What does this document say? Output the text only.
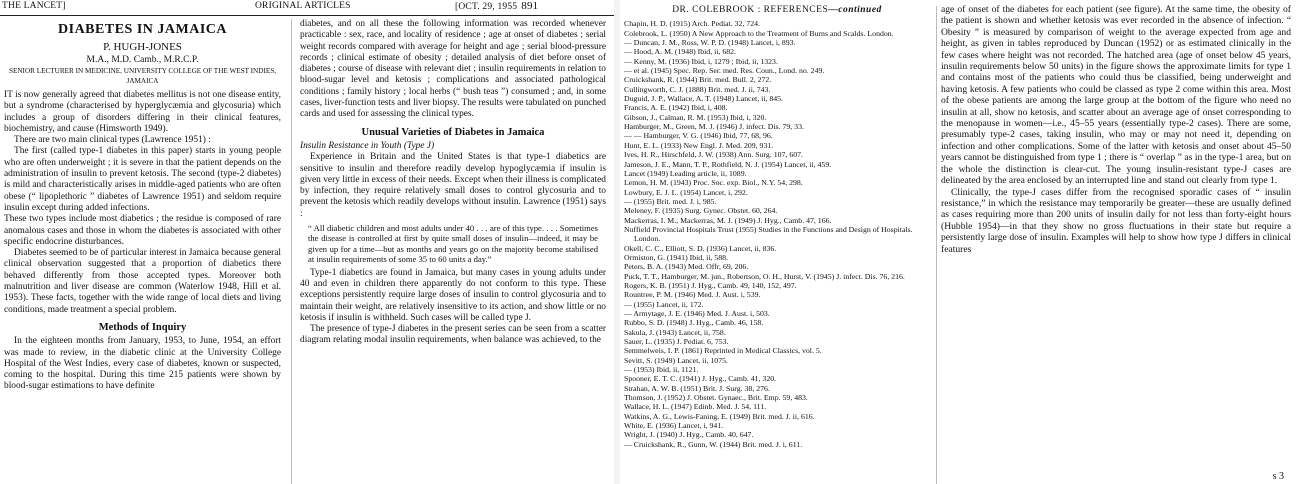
THE LANCET]	ORIGINAL ARTICLES	[OCT. 29, 1955 891
DIABETES IN JAMAICA
P. HUGH-JONES
M.A., M.D. Camb., M.R.C.P.
SENIOR LECTURER IN MEDICINE, UNIVERSITY COLLEGE OF THE WEST INDIES, JAMAICA

IT is now generally agreed that diabetes mellitus is not one disease entity, but a syndrome (characterised by hyperglycæmia and glycosuria) which includes a group of disorders differing in their clinical features, biochemistry, and cause (Himsworth 1949).

There are two main clinical types (Lawrence 1951) :

The first (called type-1 diabetes in this paper) starts in young people who are often underweight ; it is severe in that the patient depends on the administration of insulin to prevent ketosis. The second (type-2 diabetes) is mild and characteristically arises in middle-aged patients who are often obese (“ lipoplethoric ” diabetes of Lawrence 1951) and seldom require insulin except during added infections.

These two types include most diabetics ; the residue is composed of rare anomalous cases and those in whom the diabetes is associated with other specific endocrine disturbances.

Diabetes seemed to be of particular interest in Jamaica because general clinical observation suggested that a proportion of diabetics there behaved differently from those accepted types. Moreover both malnutrition and liver disease are common (Waterlow 1948, Hill et al. 1953). These facts, together with the wide range of local diets and living conditions, made treatment a special problem.

Methods of Inquiry

In the eighteen months from January, 1953, to June, 1954, an effort was made to review, in the diabetic clinic at the University College Hospital of the West Indies, every case of diabetes, known or suspected, coming to the hospital. During this time 215 patients were shown by blood-sugar estimations to have definite

diabetes, and on all these the following information was recorded whenever practicable : sex, race, and locality of residence ; age at onset of diabetes ; serial weight records compared with average for height and age ; serial blood-pressure records ; clinical estimate of obesity ; detailed analysis of diet before onset of diabetes ; course of disease with relevant diet ; insulin requirements in relation to blood-sugar level and ketosis ; complications and associated pathological conditions ; family history ; local herbs (“ bush teas ”) consumed ; and, in some cases, liver-function tests and liver biopsy. The results were tabulated on punched cards and used for assessing the clinical types.

Unusual Varieties of Diabetes in Jamaica
Insulin Resistance in Youth (Type J)

Experience in Britain and the United States is that type-1 diabetics are sensitive to insulin and therefore readily develop hypoglycæmia if insulin is given very little in excess of their needs. Except when their illness is complicated by infection, they require relatively small doses to control glycosuria and to prevent the ketosis which readily develops without insulin. Lawrence (1951) says :

“ All diabetic children and most adults under 40 . . . are of this type. . . . Sometimes the disease is controlled at first by quite small doses of insulin—indeed, it may be given up for a time—but as months and years go on the majority become stabilised at insulin requirements of some 35 to 60 units a day.”

Type-1 diabetics are found in Jamaica, but many cases in young adults under 40 and even in children there apparently do not conform to this type. These exceptions persistently require large doses of insulin to control glycosuria and to maintain their weight, are relatively insensitive to its action, and show little or no ketosis if insulin is withheld. Such cases will be called type J.

The presence of type-J diabetes in the present series can be seen from a scatter diagram relating modal insulin requirements, when balance was achieved, to the

DR. COLEBROOK : REFERENCES—continued
Chapin, H. D. (1915) Arch. Pediat. 32, 724.
Colebrook, L. (1950) A New Approach to the Treatment of Burns and Scalds. London.
— Duncan, J. M., Ross, W. P. D. (1948) Lancet, i, 893.
— Hood, A. M. (1948) Ibid, ii, 682.
— Kenny, M. (1936) Ibid, i, 1279 ; Ibid, ii, 1323.
— et al. (1945) Spec. Rep. Ser. med. Res. Coun., Lond. no. 249.
Cruickshank, R. (1944) Brit. med. Bull. 2, 272.
Cullingworth, C. J. (1888) Brit. med. J. ii, 743.
Duguid, J. P., Wallace, A. T. (1948) Lancet, ii, 845.
Francis, A. E. (1942) Ibid, i, 408.
Gibson, J., Calman, R. M. (1953) Ibid, i, 320.
Hamburger, M., Green, M. J. (1946) J. infect. Dis. 79, 33.
— — Hamburger, V. G. (1946) Ibid, 77, 68, 96.
Hunt, E. L. (1933) New Engl. J. Med. 209, 931.
Ives, H. R., Hirschfeld, J. W. (1938) Ann. Surg. 107, 607.
Jameson, J. E., Mann, T. P., Rothfield, N. J. (1954) Lancet, ii, 459.
Lancet (1949) Leading article, ii, 1089.
Lemon, H. M. (1943) Proc. Soc. exp. Biol., N.Y. 54, 298.
Lowbury, E. J. L. (1954) Lancet, i, 292.
— (1955) Brit. med. J. i, 985.
Meleney, F. (1935) Surg. Gynec. Obstet. 60, 264.
Mackerras, I. M., Mackerras, M. J. (1949) J. Hyg., Camb. 47, 166.
Nuffield Provincial Hospitals Trust (1955) Studies in the Functions and Design of Hospitals. London.
Okell, C. C., Elliott, S. D. (1936) Lancet, ii, 836.
Ormiston, G. (1941) Ibid, ii, 588.
Peters, B. A. (1943) Med. Offr, 69, 206.
Puck, T. T., Hamburger, M. jun., Robertson, O. H., Hurst, V. (1945) J. infect. Dis. 76, 216.
Rogers, K. B. (1951) J. Hyg., Camb. 49, 140, 152, 497.
Rountree, P. M. (1946) Med. J. Aust. i, 539.
— (1955) Lancet, ii, 172.
— Armytage, J. E. (1946) Med. J. Aust. i, 503.
Rubbo, S. D. (1948) J. Hyg., Camb. 46, 158.
Sakula, J. (1943) Lancet, ii, 758.
Sauer, L. (1935) J. Pediat. 6, 753.
Semmelweis, I. P. (1861) Reprinted in Medical Classics, vol. 5.
Sevitt, S. (1949) Lancet, ii, 1075.
— (1953) Ibid, ii, 1121.
Spooner, E. T. C. (1941) J. Hyg., Camb. 41, 320.
Strahan, A. W. B. (1951) Brit. J. Surg. 38, 276.
Thomson, J. (1952) J. Obstet. Gynaec., Brit. Emp. 59, 483.
Wallace, H. L. (1947) Edinb. Med. J. 54, 111.
Watkins, A. G., Lewis-Faning, E. (1949) Brit. med. J. ii, 616.
White, E. (1936) Lancet, i, 941.
Wright, J. (1940) J. Hyg., Camb. 40, 647.
— Cruickshank, R., Gunn, W. (1944) Brit. med. J. i, 611.

age of onset of the diabetes for each patient (see figure). At the same time, the obesity of the patient is shown and whether ketosis was ever recorded in the absence of infection. “ Obesity ” is measured by comparison of weight to the average expected from age and height, as given in tables reproduced by Duncan (1952) or as estimated clinically in the few cases where height was not recorded. The hatched area (age of onset below 45 years, insulin requirements below 50 units) in the figure shows the approximate limits for type 1 and contains most of the patients who could thus be classified, being underweight and having ketosis. A few patients who could be classed as type 2 come within this area. Most of the obese patients are among the large group at the bottom of the figure who need no insulin at all, show no ketosis, and scatter about an average age of onset corresponding to the menopause in women—i.e., 45–55 years (essentially type-2 cases). There are some, presumably type-2 cases, taking insulin, who may or may not need it, depending on infection and other complications. Some of the latter with ketosis and onset about 45–50 years cannot be distinguished from type 1 ; there is “ overlap ” as in the type-1 area, but on the whole the distinction is clear-cut. The young insulin-resistant type-J cases are delineated by the area enclosed by an interrupted line and stand out clearly from type 1.

Clinically, the type-J cases differ from the recognised sporadic cases of “ insulin resistance,” in which the resistance may temporarily be greater—these are usually defined as cases requiring more than 200 units of insulin daily for not less than forty-eight hours (Hubble 1954)—in that they show no gross fluctuations in their state but require a persistently large dose of insulin. Examples will help to show how type J differs in clinical features

s 3
